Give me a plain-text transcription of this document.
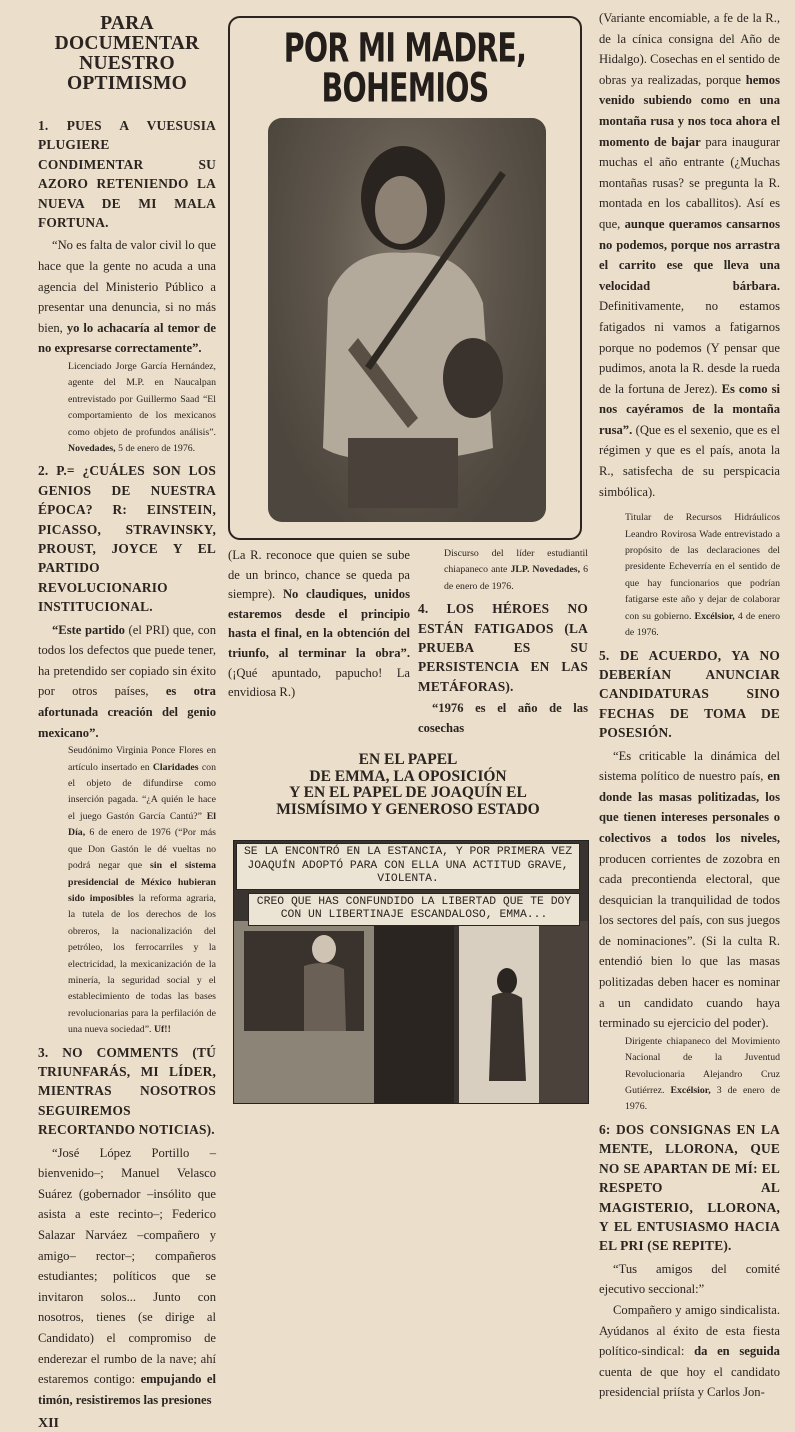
PARA DOCUMENTAR NUESTRO OPTIMISMO

1. PUES A VUESUSIA PLUGIERE CONDIMENTAR SU AZORO RETENIENDO LA NUEVA DE MI MALA FORTUNA.

“No es falta de valor civil lo que hace que la gente no acuda a una agencia del Ministerio Público a presentar una denuncia, si no más bien, yo lo achacaría al temor de no expresarse correctamente”.

Licenciado Jorge García Hernández, agente del M.P. en Naucalpan entrevistado por Guillermo Saad “El comportamiento de los mexicanos como objeto de profundos análisis”. Novedades, 5 de enero de 1976.

2. P.= ¿CUÁLES SON LOS GENIOS DE NUESTRA ÉPOCA? R: EINSTEIN, PICASSO, STRAVINSKY, PROUST, JOYCE Y EL PARTIDO REVOLUCIONARIO INSTITUCIONAL.

“Este partido (el PRI) que, con todos los defectos que puede tener, ha pretendido ser copiado sin éxito por otros países, es otra afortunada creación del genio mexicano”.

Seudónimo Virginia Ponce Flores en artículo insertado en Claridades con el objeto de difundirse como inserción pagada. “¿A quién le hace el juego Gastón García Cantú?” El Día, 6 de enero de 1976 (“Por más que Don Gastón le dé vueltas no podrá negar que sin el sistema presidencial de México hubieran sido imposibles la reforma agraria, la tutela de los derechos de los obreros, la nacionalización del petróleo, los ferrocarriles y la electricidad, la mexicanización de la minería, la seguridad social y el establecimiento de todas las bases revolucionarias para la perfilación de una nueva sociedad”. Uf!!

3. NO COMMENTS (TÚ TRIUNFARÁS, MI LÍDER, MIENTRAS NOSOTROS SEGUIREMOS RECORTANDO NOTICIAS).

“José López Portillo –bienvenido–; Manuel Velasco Suárez (gobernador –insólito que asista a este recinto–; Federico Salazar Narváez –compañero y amigo– rector–; compañeros estudiantes; políticos que se invitaron solos... Junto con nosotros, tienes (se dirige al Candidato) el compromiso de enderezar el rumbo de la nave; ahí estaremos contigo: empujando el timón, resistiremos las presiones

XII
POR MI MADRE, BOHEMIOS

(La R. reconoce que quien se sube de un brinco, chance se queda pa siempre). No claudiques, unidos estaremos desde el principio hasta el final, en la obtención del triunfo, al terminar la obra”. (¡Qué apuntado, papucho! La envidiosa R.)

Discurso del líder estudiantil chiapaneco ante JLP. Novedades, 6 de enero de 1976.

4. LOS HÉROES NO ESTÁN FATIGADOS (LA PRUEBA ES SU PERSISTENCIA EN LAS METÁFORAS).

“1976 es el año de las cosechas

EN EL PAPEL
DE EMMA, LA OPOSICIÓN
Y EN EL PAPEL DE JOAQUÍN EL
MISMÍSIMO Y GENEROSO ESTADO
SE LA ENCONTRÓ EN LA ESTANCIA, Y POR PRIMERA VEZ JOAQUÍN ADOPTÓ PARA CON ELLA UNA ACTITUD GRAVE, VIOLENTA.
CREO QUE HAS CONFUNDIDO LA LIBERTAD QUE TE DOY CON UN LIBERTINAJE ESCANDALOSO, EMMA...

(Variante encomiable, a fe de la R., de la cínica consigna del Año de Hidalgo). Cosechas en el sentido de obras ya realizadas, porque hemos venido subiendo como en una montaña rusa y nos toca ahora el momento de bajar para inaugurar muchas el año entrante (¿Muchas montañas rusas? se pregunta la R. montada en los caballitos). Así es que, aunque queramos cansarnos no podemos, porque nos arrastra el carrito ese que lleva una velocidad bárbara. Definitivamente, no estamos fatigados ni vamos a fatigarnos porque no podemos (Y pensar que pudimos, anota la R. desde la rueda de la fortuna de Jerez). Es como si nos cayéramos de la montaña rusa”. (Que es el sexenio, que es el régimen y que es el país, anota la R., satisfecha de su perspicacia simbólica).

Titular de Recursos Hidráulicos Leandro Rovirosa Wade entrevistado a propósito de las declaraciones del presidente Echeverría en el sentido de que hay funcionarios que podrían fatigarse este año y dejar de colaborar con su gobierno. Excélsior, 4 de enero de 1976.

5. DE ACUERDO, YA NO DEBERÍAN ANUNCIAR CANDIDATURAS SINO FECHAS DE TOMA DE POSESIÓN.

“Es criticable la dinámica del sistema político de nuestro país, en donde las masas politizadas, los que tienen intereses personales o colectivos a todos los niveles, producen corrientes de zozobra en cada precontienda electoral, que desquician la tranquilidad de todos los sectores del país, con sus juegos de nominaciones”. (Si la culta R. entendió bien lo que las masas politizadas deben hacer es nominar a un candidato cuando haya terminado su ejercicio del poder).

Dirigente chiapaneco del Movimiento Nacional de la Juventud Revolucionaria Alejandro Cruz Gutiérrez. Excélsior, 3 de enero de 1976.

6: DOS CONSIGNAS EN LA MENTE, LLORONA, QUE NO SE APARTAN DE MÍ: EL RESPETO AL MAGISTERIO, LLORONA, Y EL ENTUSIASMO HACIA EL PRI (SE REPITE).

“Tus amigos del comité ejecutivo seccional:”

Compañero y amigo sindicalista. Ayúdanos al éxito de esta fiesta político-sindical: da en seguida cuenta de que hoy el candidato presidencial priísta y Carlos Jon-
